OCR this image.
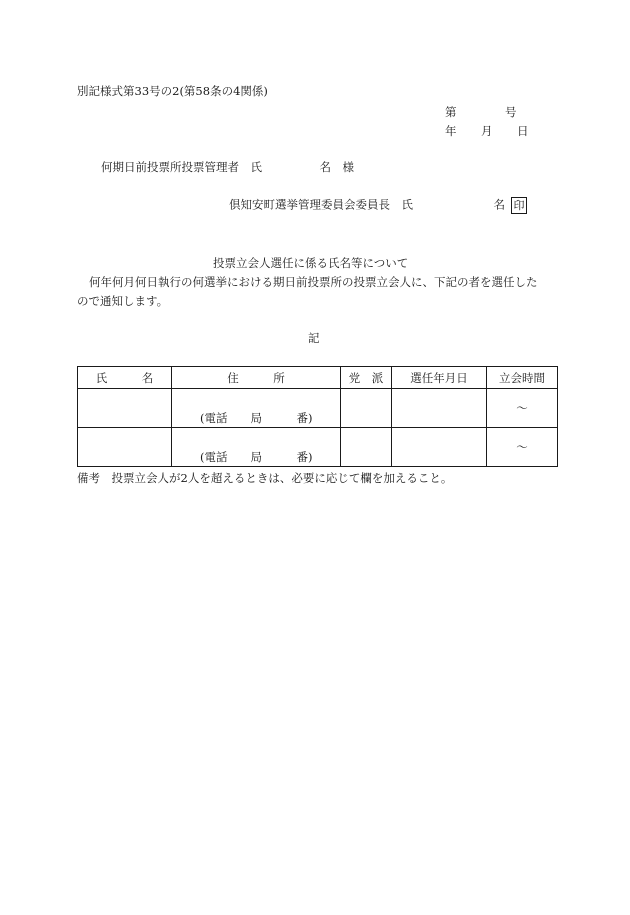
別記様式第33号の2(第58条の4関係)
第　　　　号
年　　月　　日
何期日前投票所投票管理者　氏　　　　　名　様
倶知安町選挙管理委員会委員長　氏　　　　　　　名 印
投票立会人選任に係る氏名等について
何年何月何日執行の何選挙における期日前投票所の投票立会人に、下記の者を選任した
ので通知します。
記
氏 名	住　　　所	党　派	選任年月日	立会時間

	(電話　　局　　　番)			～

	(電話　　局　　　番)			～
備考　投票立会人が2人を超えるときは、必要に応じて欄を加えること。
